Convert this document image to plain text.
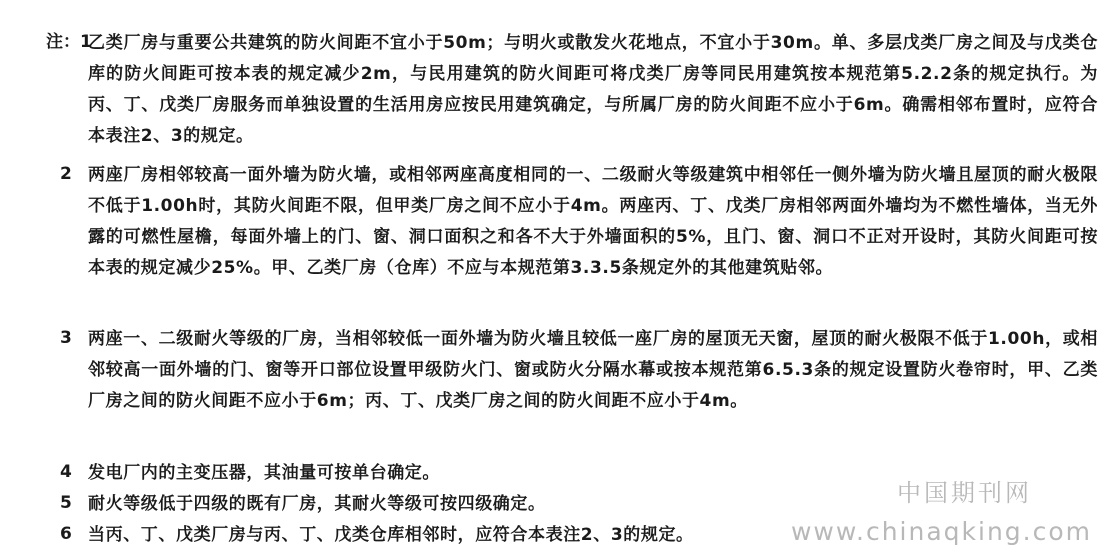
注：1
乙类厂房与重要公共建筑的防火间距不宜小于50m；与明火或散发火花地点，不宜小于30m。单、多层戊类厂房之间及与戊类仓库的防火间距可按本表的规定减少2m，与民用建筑的防火间距可将戊类厂房等同民用建筑按本规范第5.2.2条的规定执行。为丙、丁、戊类厂房服务而单独设置的生活用房应按民用建筑确定，与所属厂房的防火间距不应小于6m。确需相邻布置时，应符合本表注2、3的规定。
2 两座厂房相邻较高一面外墙为防火墙，或相邻两座高度相同的一、二级耐火等级建筑中相邻任一侧外墙为防火墙且屋顶的耐火极限不低于1.00h时，其防火间距不限，但甲类厂房之间不应小于4m。两座丙、丁、戊类厂房相邻两面外墙均为不燃性墙体，当无外露的可燃性屋檐，每面外墙上的门、窗、洞口面积之和各不大于外墙面积的5%，且门、窗、洞口不正对开设时，其防火间距可按本表的规定减少25%。甲、乙类厂房（仓库）不应与本规范第3.3.5条规定外的其他建筑贴邻。
3 两座一、二级耐火等级的厂房，当相邻较低一面外墙为防火墙且较低一座厂房的屋顶无天窗，屋顶的耐火极限不低于1.00h，或相邻较高一面外墙的门、窗等开口部位设置甲级防火门、窗或防火分隔水幕或按本规范第6.5.3条的规定设置防火卷帘时，甲、乙类厂房之间的防火间距不应小于6m；丙、丁、戊类厂房之间的防火间距不应小于4m。
4 发电厂内的主变压器，其油量可按单台确定。
5 耐火等级低于四级的既有厂房，其耐火等级可按四级确定。
6 当丙、丁、戊类厂房与丙、丁、戊类仓库相邻时，应符合本表注2、3的规定。
中国期刊网
www.chinaqking.com
